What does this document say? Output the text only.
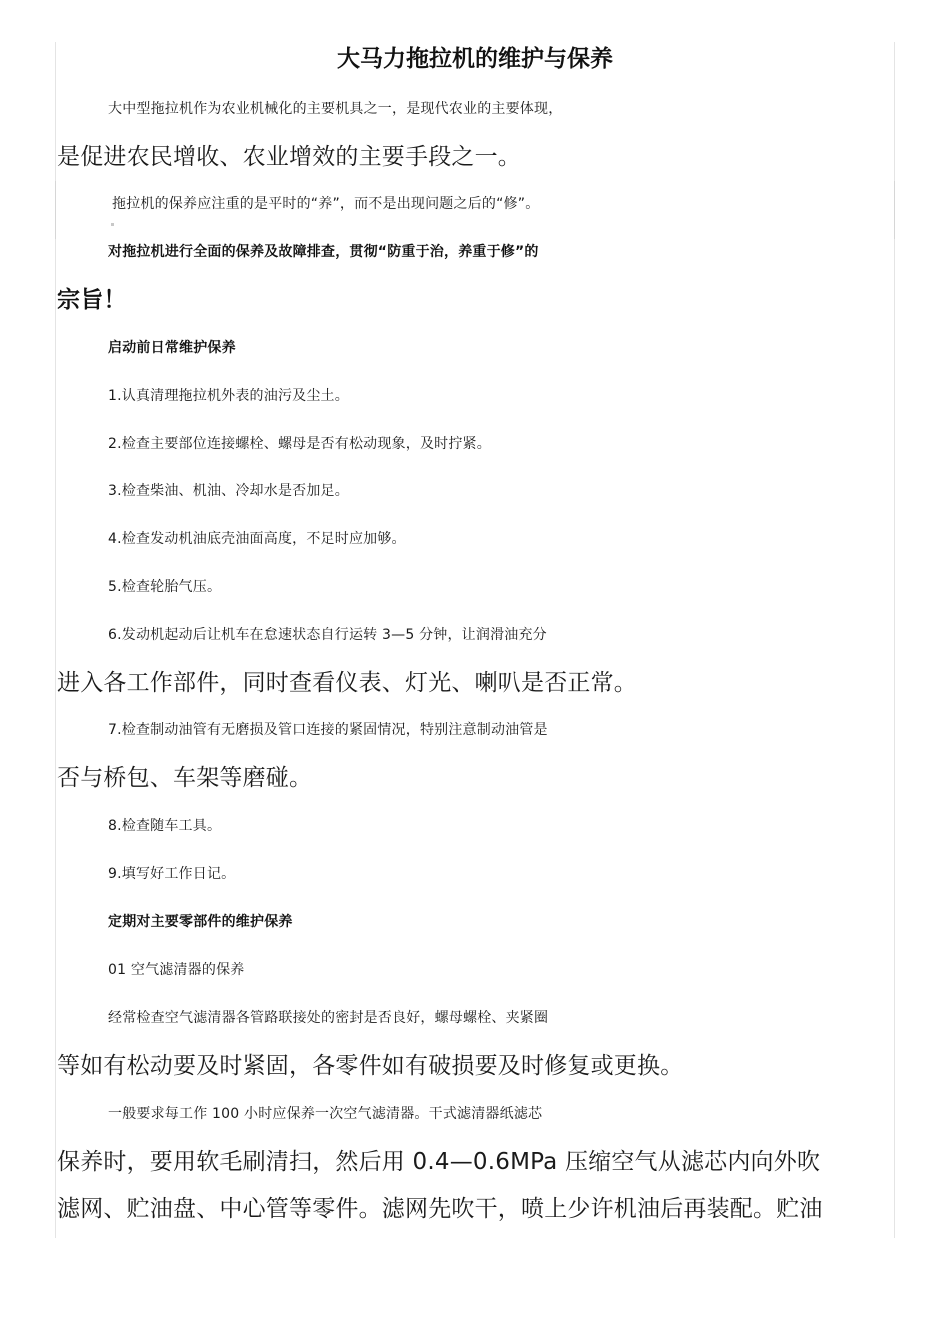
大马力拖拉机的维护与保养
大中型拖拉机作为农业机械化的主要机具之一，是现代农业的主要体现，
是促进农民增收、农业增效的主要手段之一。
拖拉机的保养应注重的是平时的“养”，而不是出现问题之后的“修”。
对拖拉机进行全面的保养及故障排查，贯彻“防重于治，养重于修”的
宗旨！
启动前日常维护保养
1.认真清理拖拉机外表的油污及尘土。
2.检查主要部位连接螺栓、螺母是否有松动现象，及时拧紧。
3.检查柴油、机油、冷却水是否加足。
4.检查发动机油底壳油面高度，不足时应加够。
5.检查轮胎气压。
6.发动机起动后让机车在怠速状态自行运转 3—5 分钟，让润滑油充分
进入各工作部件，同时查看仪表、灯光、喇叭是否正常。
7.检查制动油管有无磨损及管口连接的紧固情况，特别注意制动油管是
否与桥包、车架等磨碰。
8.检查随车工具。
9.填写好工作日记。
定期对主要零部件的维护保养
01 空气滤清器的保养
经常检查空气滤清器各管路联接处的密封是否良好，螺母螺栓、夹紧圈
等如有松动要及时紧固，各零件如有破损要及时修复或更换。
一般要求每工作 100 小时应保养一次空气滤清器。干式滤清器纸滤芯
保养时，要用软毛刷清扫，然后用 0.4—0.6MPa 压缩空气从滤芯内向外吹
滤网、贮油盘、中心管等零件。滤网先吹干，喷上少许机油后再装配。贮油
